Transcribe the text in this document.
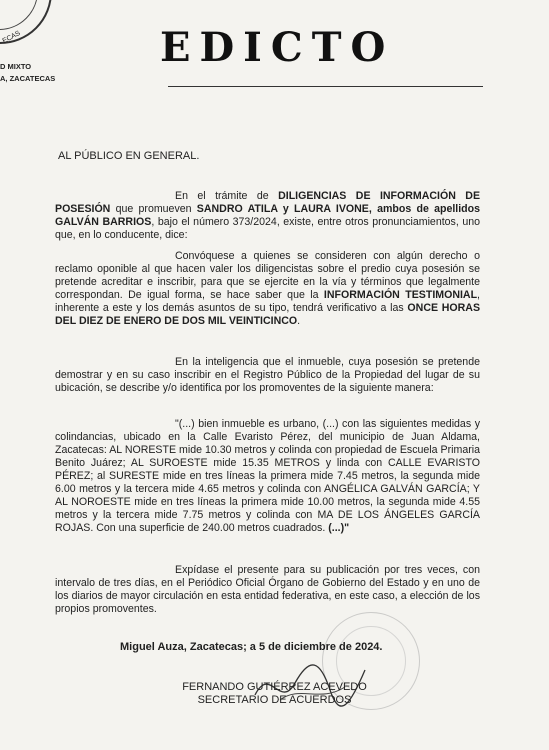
ECAS
D MIXTO
A, ZACATECAS
EDICTO
AL PÚBLICO EN GENERAL.
En el trámite de DILIGENCIAS DE INFORMACIÓN DE POSESIÓN que promueven SANDRO ATILA y LAURA IVONE, ambos de apellidos GALVÁN BARRIOS, bajo el número 373/2024, existe, entre otros pronunciamientos, uno que, en lo conducente, dice:
Convóquese a quienes se consideren con algún derecho o reclamo oponible al que hacen valer los diligencistas sobre el predio cuya posesión se pretende acreditar e inscribir, para que se ejercite en la vía y términos que legalmente correspondan. De igual forma, se hace saber que la INFORMACIÓN TESTIMONIAL, inherente a este y los demás asuntos de su tipo, tendrá verificativo a las ONCE HORAS DEL DIEZ DE ENERO DE DOS MIL VEINTICINCO.
En la inteligencia que el inmueble, cuya posesión se pretende demostrar y en su caso inscribir en el Registro Público de la Propiedad del lugar de su ubicación, se describe y/o identifica por los promoventes de la siguiente manera:
"(...) bien inmueble es urbano, (...) con las siguientes medidas y colindancias, ubicado en la Calle Evaristo Pérez, del municipio de Juan Aldama, Zacatecas: AL NORESTE mide 10.30 metros y colinda con propiedad de Escuela Primaria Benito Juárez; AL SUROESTE mide 15.35 METROS y linda con CALLE EVARISTO PÉREZ; al SURESTE mide en tres líneas la primera mide 7.45 metros, la segunda mide 6.00 metros y la tercera mide 4.65 metros y colinda con ANGÉLICA GALVÁN GARCÍA; Y AL NOROESTE mide en tres líneas la primera mide 10.00 metros, la segunda mide 4.55 metros y la tercera mide 7.75 metros y colinda con MA DE LOS ÁNGELES GARCÍA ROJAS. Con una superficie de 240.00 metros cuadrados. (...)"
Expídase el presente para su publicación por tres veces, con intervalo de tres días, en el Periódico Oficial Órgano de Gobierno del Estado y en uno de los diarios de mayor circulación en esta entidad federativa, en este caso, a elección de los propios promoventes.
Miguel Auza, Zacatecas; a 5 de diciembre de 2024.
FERNANDO GUTIÉRREZ ACEVEDO
SECRETARIO DE ACUERDOS
